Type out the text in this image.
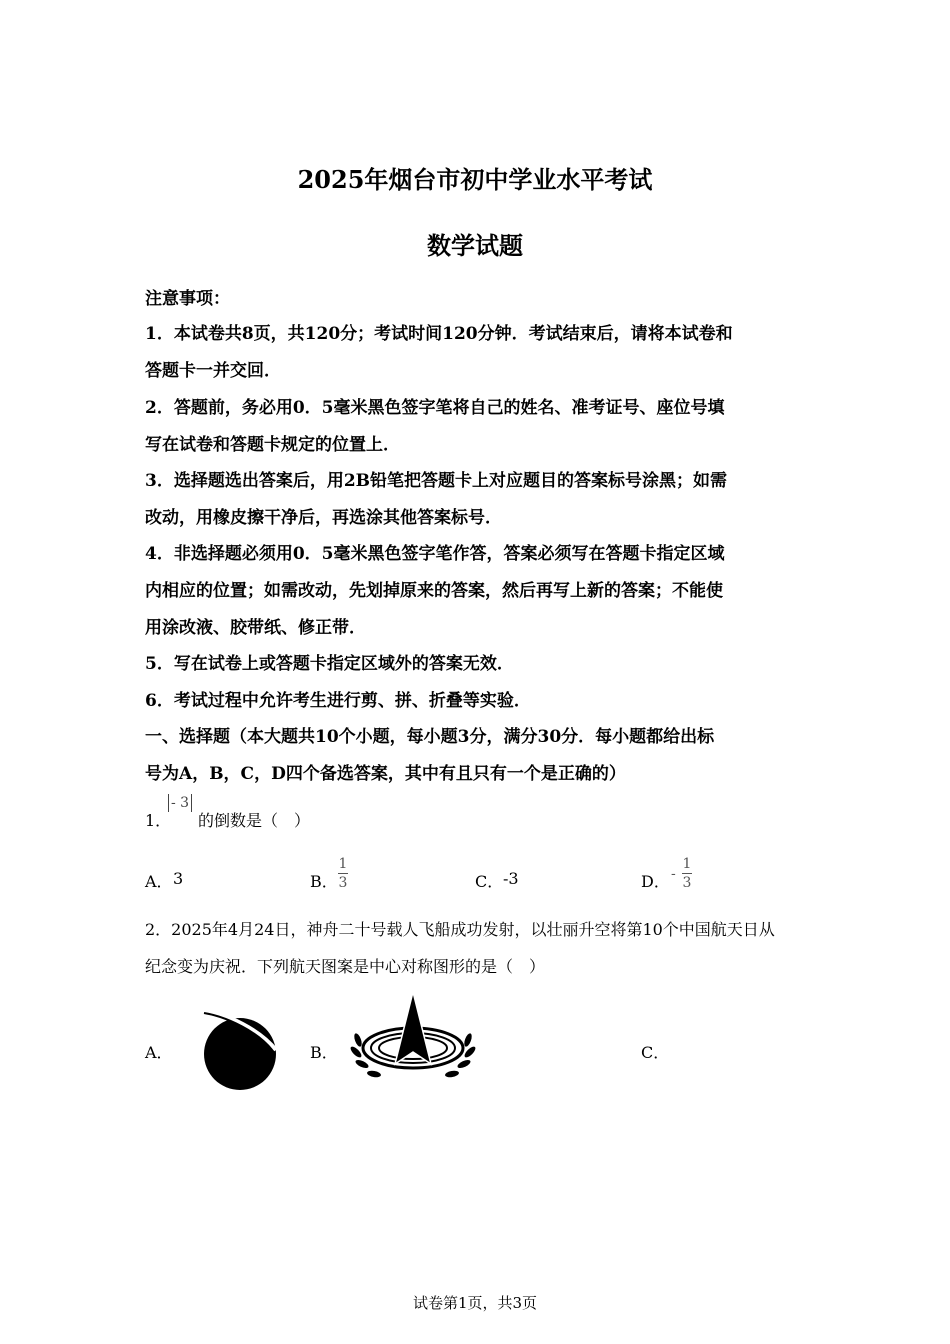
2025年烟台市初中学业水平考试
数学试题
注意事项：
1．本试卷共8页，共120分；考试时间120分钟．考试结束后，请将本试卷和
答题卡一并交回．
2．答题前，务必用0．5毫米黑色签字笔将自己的姓名、准考证号、座位号填
写在试卷和答题卡规定的位置上．
3．选择题选出答案后，用2B铅笔把答题卡上对应题目的答案标号涂黑；如需
改动，用橡皮擦干净后，再选涂其他答案标号．
4．非选择题必须用0．5毫米黑色签字笔作答，答案必须写在答题卡指定区域
内相应的位置；如需改动，先划掉原来的答案，然后再写上新的答案；不能使
用涂改液、胶带纸、修正带．
5．写在试卷上或答题卡指定区域外的答案无效．
6．考试过程中允许考生进行剪、拼、折叠等实验．
一、选择题（本大题共10个小题，每小题3分，满分30分．每小题都给出标
号为A，B，C，D四个备选答案，其中有且只有一个是正确的）
1．
- 3
的倒数是（　）
A． 3	B．
1
3	C． -3	D． -
1
3
2．2025年4月24日，神舟二十号载人飞船成功发射，以壮丽升空将第10个中国航天日从
纪念变为庆祝．下列航天图案是中心对称图形的是（　）
A．	B．	C．
试卷第1页，共3页
